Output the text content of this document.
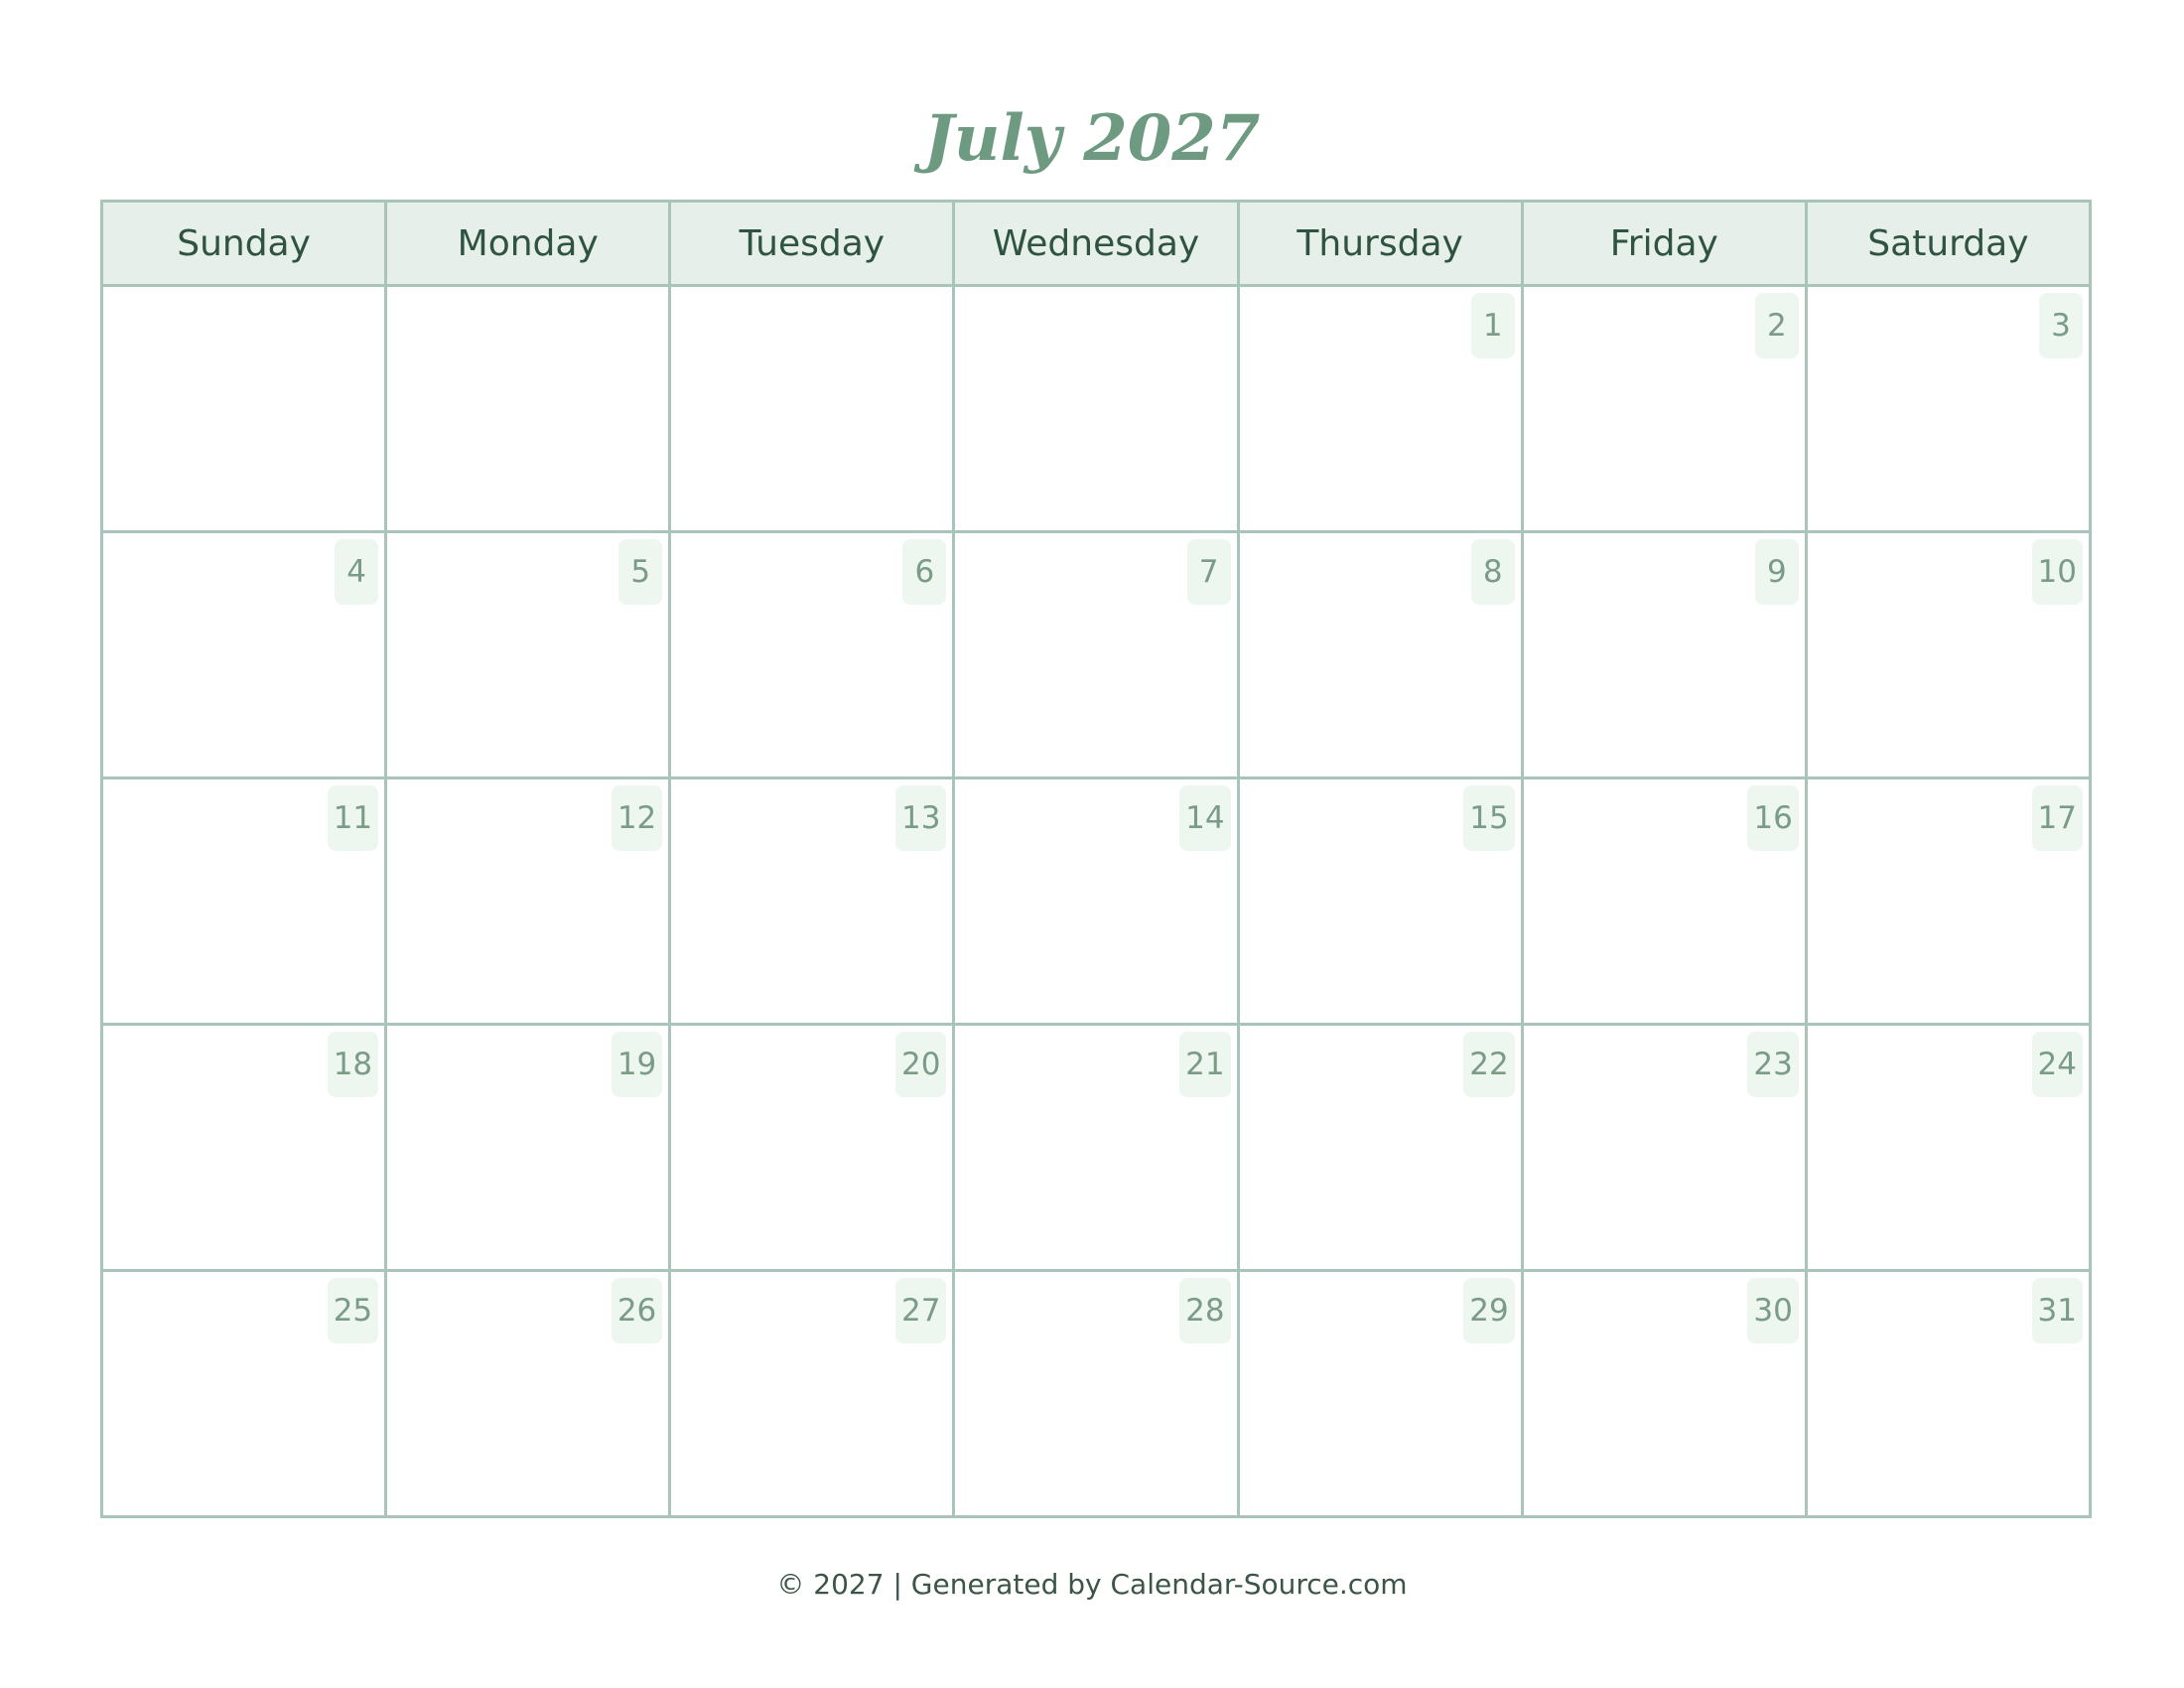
July 2027
Sunday	Monday	Tuesday	Wednesday	Thursday	Friday	Saturday

				1	2	3

4	5	6	7	8	9	10

11	12	13	14	15	16	17

18	19	20	21	22	23	24

25	26	27	28	29	30	31

© 2027 | Generated by Calendar-Source.com
